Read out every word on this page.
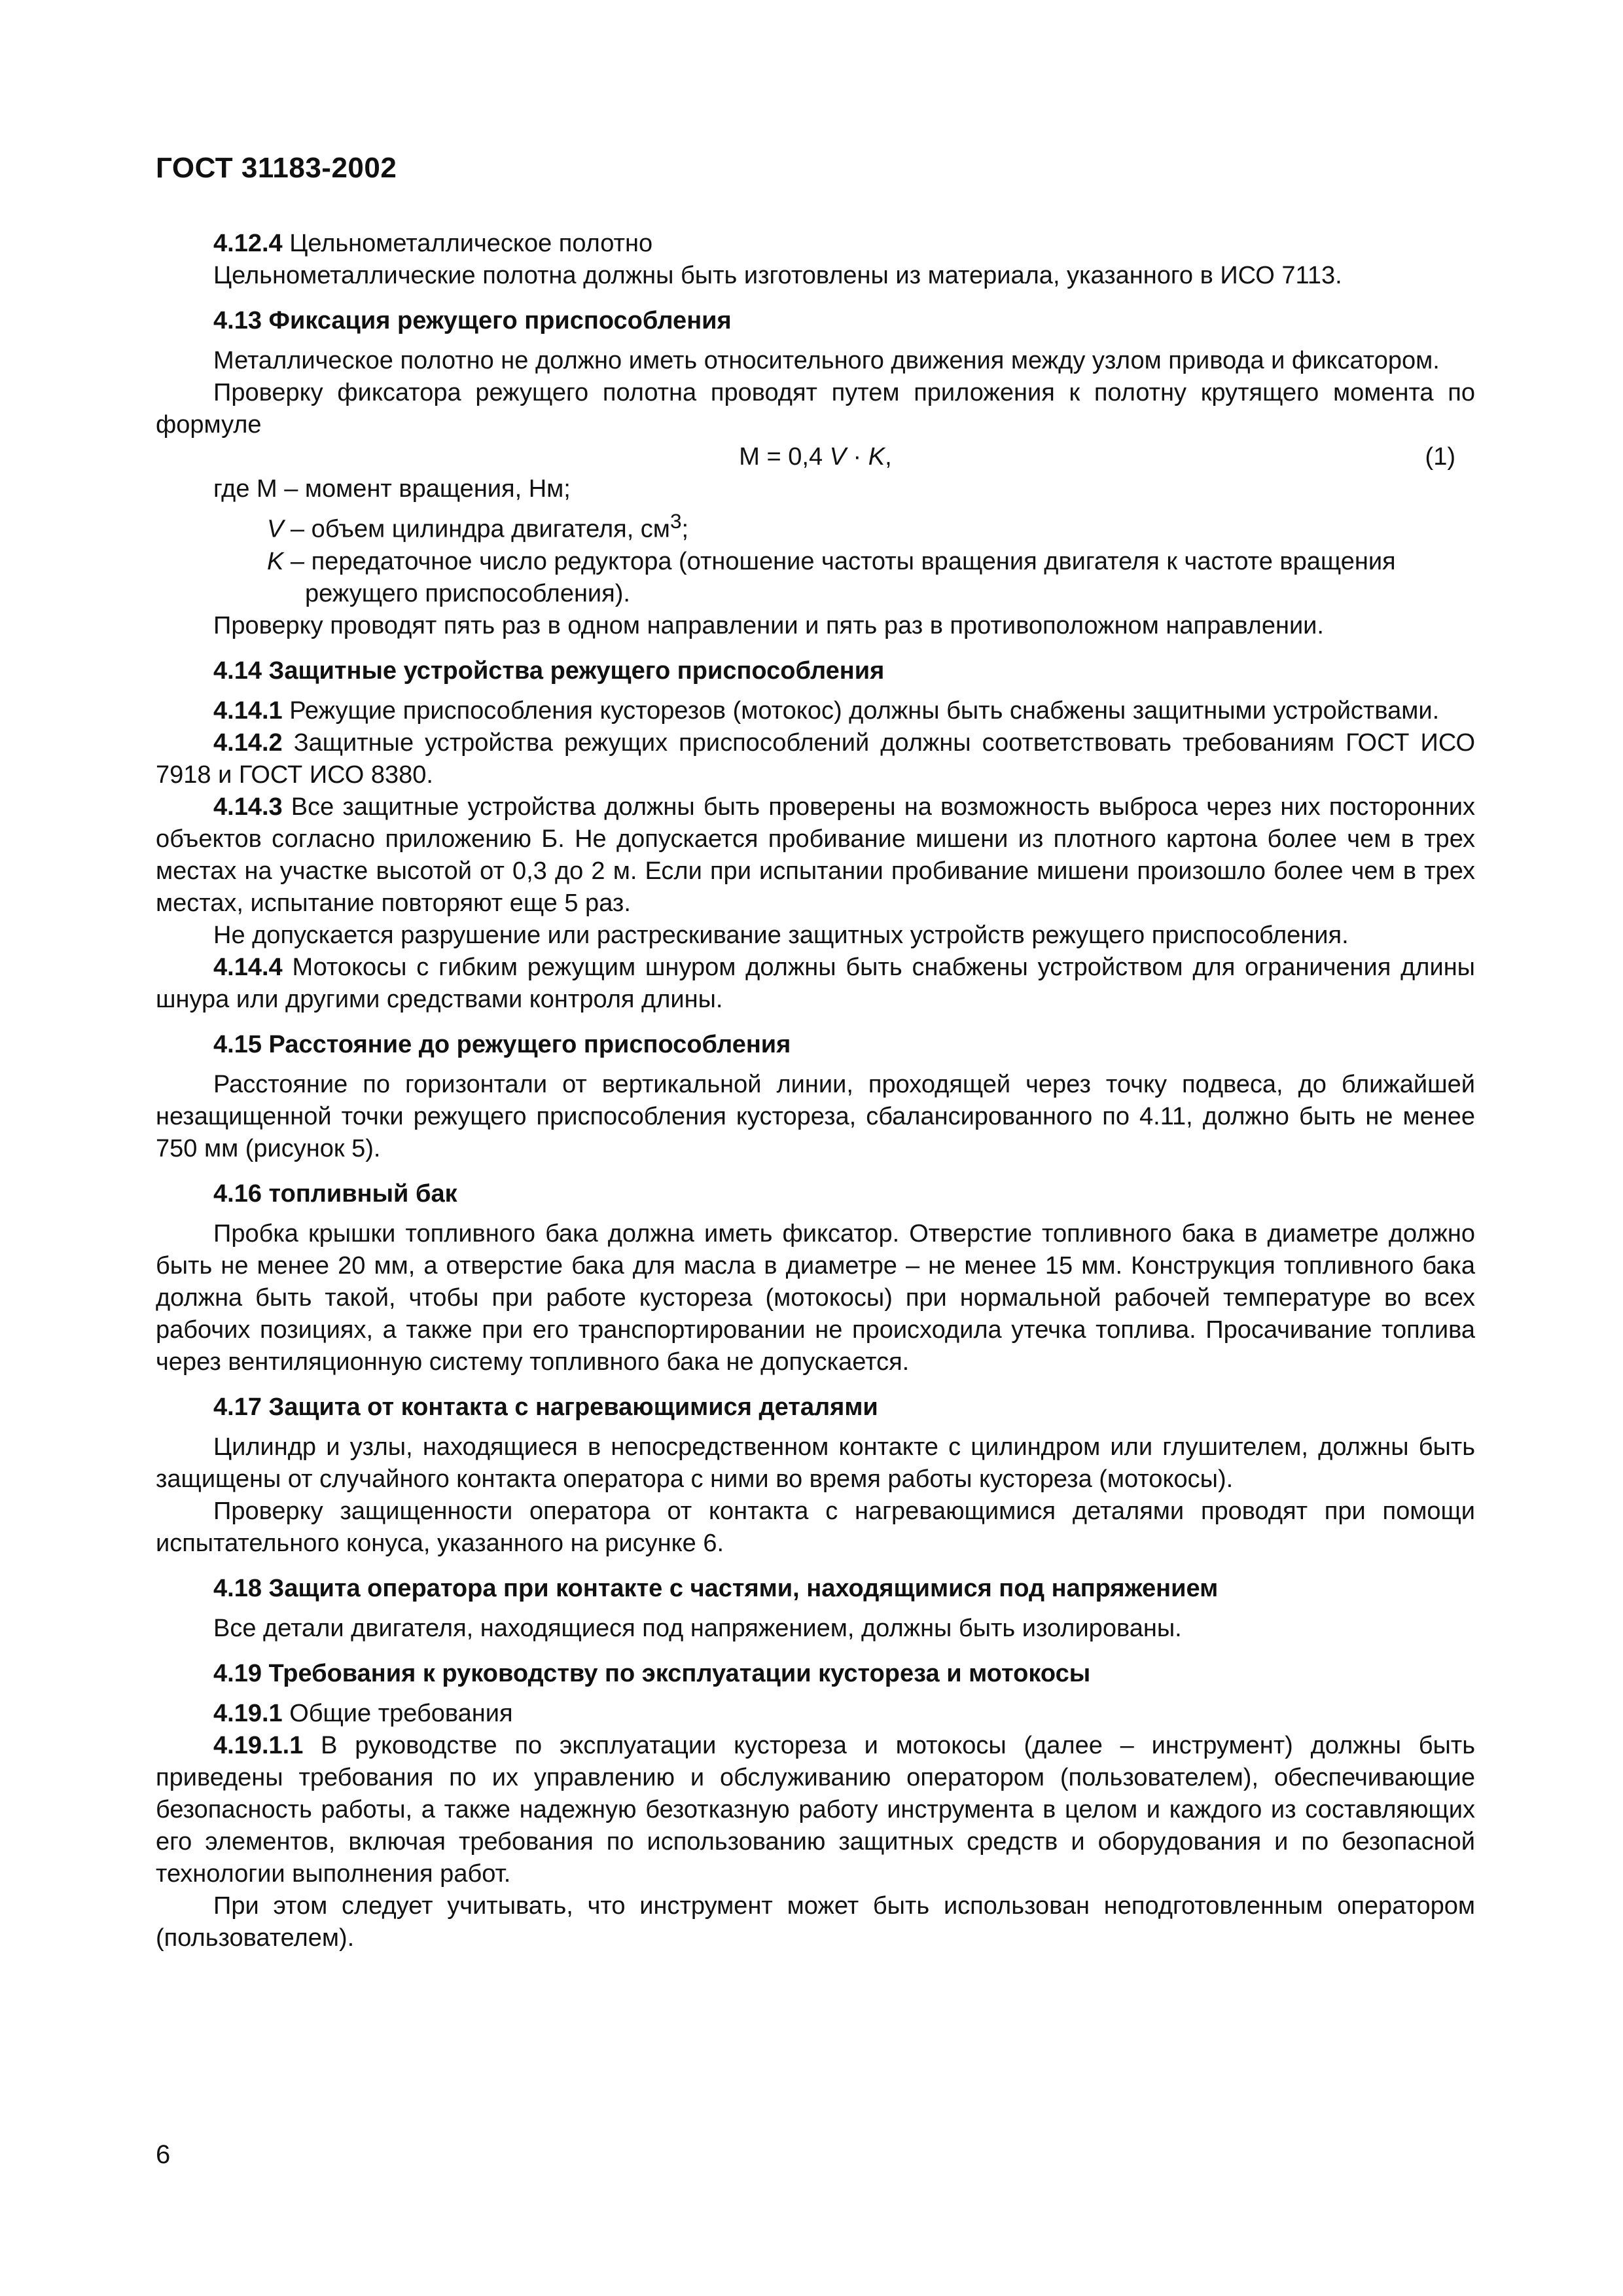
ГОСТ 31183-2002

4.12.4 Цельнометаллическое полотно

Цельнометаллические полотна должны быть изготовлены из материала, указанного в ИСО 7113.

4.13 Фиксация режущего приспособления

Металлическое полотно не должно иметь относительного движения между узлом привода и фиксатором.

Проверку фиксатора режущего полотна проводят путем приложения к полотну крутящего момента по формуле

M = 0,4 V · K,	(1)

где М – момент вращения, Нм;

V – объем цилиндра двигателя, $см^3$;

K – передаточное число редуктора (отношение частоты вращения двигателя к частоте вращения

режущего приспособления).

Проверку проводят пять раз в одном направлении и пять раз в противоположном направлении.

4.14 Защитные устройства режущего приспособления

4.14.1 Режущие приспособления кусторезов (мотокос) должны быть снабжены защитными устройствами.

4.14.2 Защитные устройства режущих приспособлений должны соответствовать требованиям ГОСТ ИСО 7918 и ГОСТ ИСО 8380.

4.14.3 Все защитные устройства должны быть проверены на возможность выброса через них посторонних объектов согласно приложению Б. Не допускается пробивание мишени из плотного картона более чем в трех местах на участке высотой от 0,3 до 2 м. Если при испытании пробивание мишени произошло более чем в трех местах, испытание повторяют еще 5 раз.

Не допускается разрушение или растрескивание защитных устройств режущего приспособления.

4.14.4 Мотокосы с гибким режущим шнуром должны быть снабжены устройством для ограничения длины шнура или другими средствами контроля длины.

4.15 Расстояние до режущего приспособления

Расстояние по горизонтали от вертикальной линии, проходящей через точку подвеса, до ближайшей незащищенной точки режущего приспособления кустореза, сбалансированного по 4.11, должно быть не менее 750 мм (рисунок 5).

4.16 топливный бак

Пробка крышки топливного бака должна иметь фиксатор. Отверстие топливного бака в диаметре должно быть не менее 20 мм, а отверстие бака для масла в диаметре – не менее 15 мм. Конструкция топливного бака должна быть такой, чтобы при работе кустореза (мотокосы) при нормальной рабочей температуре во всех рабочих позициях, а также при его транспортировании не происходила утечка топлива. Просачивание топлива через вентиляционную систему топливного бака не допускается.

4.17 Защита от контакта с нагревающимися деталями

Цилиндр и узлы, находящиеся в непосредственном контакте с цилиндром или глушителем, должны быть защищены от случайного контакта оператора с ними во время работы кустореза (мотокосы).

Проверку защищенности оператора от контакта с нагревающимися деталями проводят при помощи испытательного конуса, указанного на рисунке 6.

4.18 Защита оператора при контакте с частями, находящимися под напряжением

Все детали двигателя, находящиеся под напряжением, должны быть изолированы.

4.19 Требования к руководству по эксплуатации кустореза и мотокосы

4.19.1 Общие требования

4.19.1.1 В руководстве по эксплуатации кустореза и мотокосы (далее – инструмент) должны быть приведены требования по их управлению и обслуживанию оператором (пользователем), обеспечивающие безопасность работы, а также надежную безотказную работу инструмента в целом и каждого из составляющих его элементов, включая требования по использованию защитных средств и оборудования и по безопасной технологии выполнения работ.

При этом следует учитывать, что инструмент может быть использован неподготовленным оператором (пользователем).

6
